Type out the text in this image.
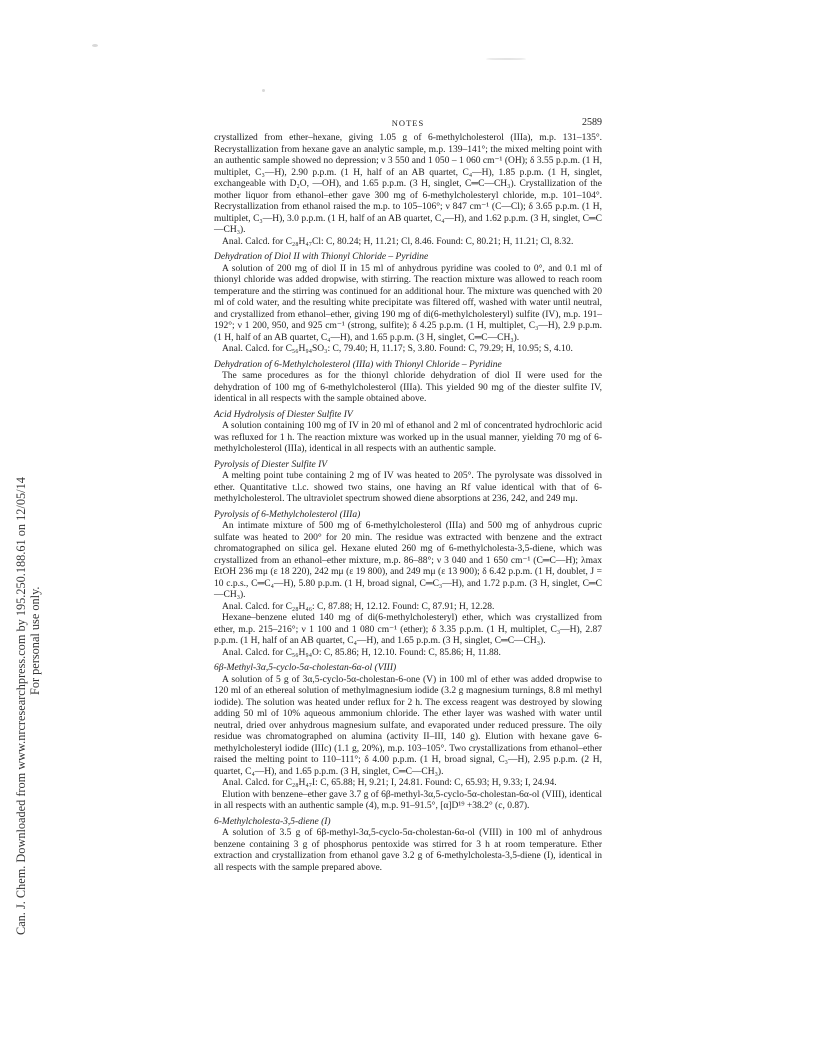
Can. J. Chem. Downloaded from www.nrcresearchpress.com by 195.250.188.61 on 12/05/14 For personal use only.
NOTES	2589

crystallized from ether–hexane, giving 1.05 g of 6-methylcholesterol (IIIa), m.p. 131–135°. Recrystallization from hexane gave an analytic sample, m.p. 139–141°; the mixed melting point with an authentic sample showed no depression; ν 3 550 and 1 050 – 1 060 cm⁻¹ (OH); δ 3.55 p.p.m. (1 H, multiplet, C₃—H), 2.90 p.p.m. (1 H, half of an AB quartet, C₄—H), 1.85 p.p.m. (1 H, singlet, exchangeable with D₂O, —OH), and 1.65 p.p.m. (3 H, singlet, C═C—CH₃). Crystallization of the mother liquor from ethanol–ether gave 300 mg of 6-methylcholesteryl chloride, m.p. 101–104°. Recrystallization from ethanol raised the m.p. to 105–106°; ν 847 cm⁻¹ (C—Cl); δ 3.65 p.p.m. (1 H, multiplet, C₃—H), 3.0 p.p.m. (1 H, half of an AB quartet, C₄—H), and 1.62 p.p.m. (3 H, singlet, C═C—CH₃).

Anal. Calcd. for C₂₈H₄₇Cl: C, 80.24; H, 11.21; Cl, 8.46. Found: C, 80.21; H, 11.21; Cl, 8.32.

Dehydration of Diol II with Thionyl Chloride – Pyridine

A solution of 200 mg of diol II in 15 ml of anhydrous pyridine was cooled to 0°, and 0.1 ml of thionyl chloride was added dropwise, with stirring. The reaction mixture was allowed to reach room temperature and the stirring was continued for an additional hour. The mixture was quenched with 20 ml of cold water, and the resulting white precipitate was filtered off, washed with water until neutral, and crystallized from ethanol–ether, giving 190 mg of di(6-methylcholesteryl) sulfite (IV), m.p. 191–192°; ν 1 200, 950, and 925 cm⁻¹ (strong, sulfite); δ 4.25 p.p.m. (1 H, multiplet, C₃—H), 2.9 p.p.m. (1 H, half of an AB quartet, C₄—H), and 1.65 p.p.m. (3 H, singlet, C═C—CH₃).

Anal. Calcd. for C₅₆H₉₄SO₃: C, 79.40; H, 11.17; S, 3.80. Found: C, 79.29; H, 10.95; S, 4.10.

Dehydration of 6-Methylcholesterol (IIIa) with Thionyl Chloride – Pyridine

The same procedures as for the thionyl chloride dehydration of diol II were used for the dehydration of 100 mg of 6-methylcholesterol (IIIa). This yielded 90 mg of the diester sulfite IV, identical in all respects with the sample obtained above.

Acid Hydrolysis of Diester Sulfite IV

A solution containing 100 mg of IV in 20 ml of ethanol and 2 ml of concentrated hydrochloric acid was refluxed for 1 h. The reaction mixture was worked up in the usual manner, yielding 70 mg of 6-methylcholesterol (IIIa), identical in all respects with an authentic sample.

Pyrolysis of Diester Sulfite IV

A melting point tube containing 2 mg of IV was heated to 205°. The pyrolysate was dissolved in ether. Quantitative t.l.c. showed two stains, one having an Rf value identical with that of 6-methylcholesterol. The ultraviolet spectrum showed diene absorptions at 236, 242, and 249 mμ.

Pyrolysis of 6-Methylcholesterol (IIIa)

An intimate mixture of 500 mg of 6-methylcholesterol (IIIa) and 500 mg of anhydrous cupric sulfate was heated to 200° for 20 min. The residue was extracted with benzene and the extract chromatographed on silica gel. Hexane eluted 260 mg of 6-methylcholesta-3,5-diene, which was crystallized from an ethanol–ether mixture, m.p. 86–88°; ν 3 040 and 1 650 cm⁻¹ (C═C—H); λmax EtOH 236 mμ (ε 18 220), 242 mμ (ε 19 800), and 249 mμ (ε 13 900); δ 6.42 p.p.m. (1 H, doublet, J = 10 c.p.s., C═C₄—H), 5.80 p.p.m. (1 H, broad signal, C═C₃—H), and 1.72 p.p.m. (3 H, singlet, C═C—CH₃).

Anal. Calcd. for C₂₈H₄₆: C, 87.88; H, 12.12. Found: C, 87.91; H, 12.28.

Hexane–benzene eluted 140 mg of di(6-methylcholesteryl) ether, which was crystallized from ether, m.p. 215–216°; ν 1 100 and 1 080 cm⁻¹ (ether); δ 3.35 p.p.m. (1 H, multiplet, C₃—H), 2.87 p.p.m. (1 H, half of an AB quartet, C₄—H), and 1.65 p.p.m. (3 H, singlet, C═C—CH₃).

Anal. Calcd. for C₅₆H₉₄O: C, 85.86; H, 12.10. Found: C, 85.86; H, 11.88.

6β-Methyl-3α,5-cyclo-5α-cholestan-6α-ol (VIII)

A solution of 5 g of 3α,5-cyclo-5α-cholestan-6-one (V) in 100 ml of ether was added dropwise to 120 ml of an ethereal solution of methylmagnesium iodide (3.2 g magnesium turnings, 8.8 ml methyl iodide). The solution was heated under reflux for 2 h. The excess reagent was destroyed by slowing adding 50 ml of 10% aqueous ammonium chloride. The ether layer was washed with water until neutral, dried over anhydrous magnesium sulfate, and evaporated under reduced pressure. The oily residue was chromatographed on alumina (activity II–III, 140 g). Elution with hexane gave 6-methylcholesteryl iodide (IIIc) (1.1 g, 20%), m.p. 103–105°. Two crystallizations from ethanol–ether raised the melting point to 110–111°; δ 4.00 p.p.m. (1 H, broad signal, C₃—H), 2.95 p.p.m. (2 H, quartet, C₄—H), and 1.65 p.p.m. (3 H, singlet, C═C—CH₃).

Anal. Calcd. for C₂₈H₄₇I: C, 65.88; H, 9.21; I, 24.81. Found: C, 65.93; H, 9.33; I, 24.94.

Elution with benzene–ether gave 3.7 g of 6β-methyl-3α,5-cyclo-5α-cholestan-6α-ol (VIII), identical in all respects with an authentic sample (4), m.p. 91–91.5°, [α]D¹⁹ +38.2° (c, 0.87).

6-Methylcholesta-3,5-diene (I)

A solution of 3.5 g of 6β-methyl-3α,5-cyclo-5α-cholestan-6α-ol (VIII) in 100 ml of anhydrous benzene containing 3 g of phosphorus pentoxide was stirred for 3 h at room temperature. Ether extraction and crystallization from ethanol gave 3.2 g of 6-methylcholesta-3,5-diene (I), identical in all respects with the sample prepared above.
